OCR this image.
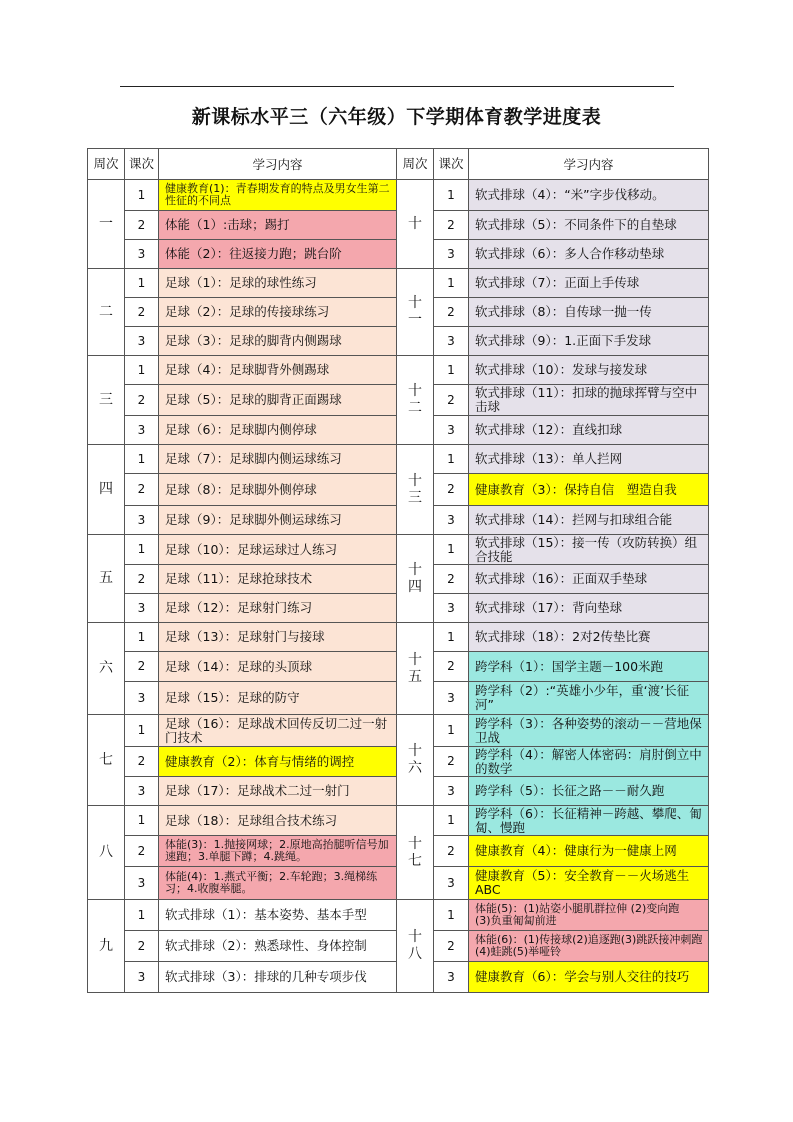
新课标水平三（六年级）下学期体育教学进度表
周次	课次	学习内容	周次	课次	学习内容
一	1	健康教育(1)：青春期发育的特点及男女生第二性征的不同点	十	1	软式排球（4）：“米”字步伐移动。
	2	体能（1）:击球；踢打		2	软式排球（5）：不同条件下的自垫球
	3	体能（2）：往返接力跑；跳台阶		3	软式排球（6）：多人合作移动垫球
二	1	足球（1）：足球的球性练习	十一	1	软式排球（7）：正面上手传球
	2	足球（2）：足球的传接球练习		2	软式排球（8）：自传球一抛一传
	3	足球（3）：足球的脚背内侧踢球		3	软式排球（9）：1.正面下手发球
三	1	足球（4）：足球脚背外侧踢球	十二	1	软式排球（10）：发球与接发球
	2	足球（5）：足球的脚背正面踢球		2	软式排球（11）：扣球的抛球挥臂与空中击球
	3	足球（6）：足球脚内侧停球		3	软式排球（12）：直线扣球
四	1	足球（7）：足球脚内侧运球练习	十三	1	软式排球（13）：单人拦网
	2	足球（8）：足球脚外侧停球		2	健康教育（3）：保持自信　塑造自我
	3	足球（9）：足球脚外侧运球练习		3	软式排球（14）：拦网与扣球组合能
五	1	足球（10）：足球运球过人练习	十四	1	软式排球（15）：接一传（攻防转换）组合技能
	2	足球（11）：足球抢球技术		2	软式排球（16）：正面双手垫球
	3	足球（12）：足球射门练习		3	软式排球（17）：背向垫球
六	1	足球（13）：足球射门与接球	十五	1	软式排球（18）：2对2传垫比赛
	2	足球（14）：足球的头顶球		2	跨学科（1）：国学主题－100米跑
	3	足球（15）：足球的防守		3	跨学科（2）:“英雄小少年，重‘渡’长征河”
七	1	足球（16）：足球战术回传反切二过一射门技术	十六	1	跨学科（3）：各种姿势的滚动－－营地保卫战
	2	健康教育（2）：体育与情绪的调控		2	跨学科（4）：解密人体密码：肩肘倒立中的数学
	3	足球（17）：足球战术二过一射门		3	跨学科（5）：长征之路－－耐久跑
八	1	足球（18）：足球组合技术练习	十七	1	跨学科（6）：长征精神－跨越、攀爬、匍匐、慢跑
	2	体能(3)：1.抛接网球；2.原地高抬腿听信号加速跑；3.单腿下蹲；4.跳绳。		2	健康教育（4）：健康行为一健康上网
	3	体能(4)：1.燕式平衡；2.车轮跑；3.绳梯练习；4.收腹举腿。		3	健康教育（5）：安全教育－－火场逃生 ABC
九	1	软式排球（1）：基本姿势、基本手型	十八	1	体能(5)：(1)站姿小腿肌群拉伸 (2)变向跑　(3)负重匍匐前进
	2	软式排球（2）：熟悉球性、身体控制		2	体能(6)：(1)传接球(2)追逐跑(3)跳跃接冲刺跑(4)蛙跳(5)举哑铃
	3	软式排球（3）：排球的几种专项步伐		3	健康教育（6）：学会与别人交往的技巧
